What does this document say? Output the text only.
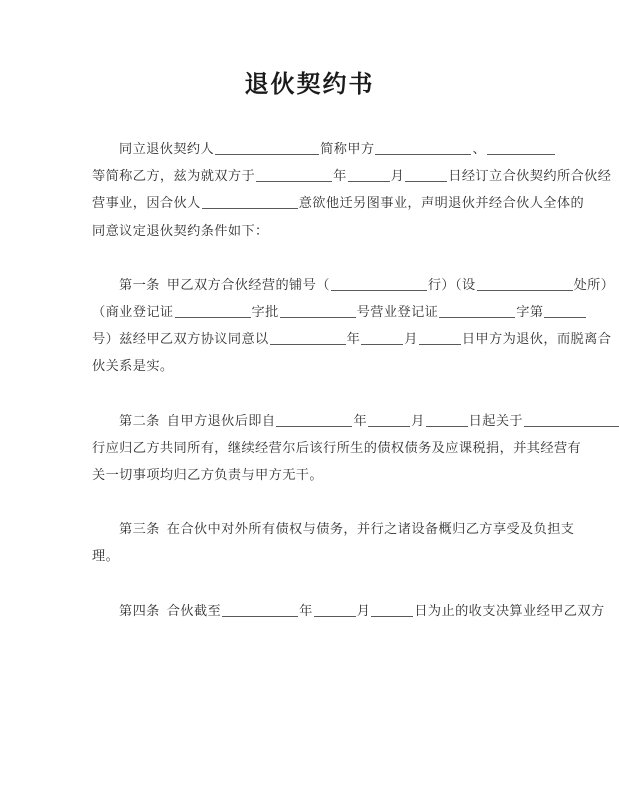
退伙契约书

同立退伙契约人	简称甲方	、
等简称乙方，兹为就双方于	年	月	日经订立合伙契约所合伙经
营事业，因合伙人	意欲他迁另图事业，声明退伙并经合伙人全体的
同意议定退伙契约条件如下：

第一条  甲乙双方合伙经营的铺号（	行）（设	处所）
（商业登记证	字批	号营业登记证	字第
号）兹经甲乙双方协议同意以	年	月	日甲方为退伙，而脱离合
伙关系是实。

第二条  自甲方退伙后即自	年	月	日起关于
行应归乙方共同所有，继续经营尔后该行所生的债权债务及应课税捐，并其经营有
关一切事项均归乙方负责与甲方无干。

第三条  在合伙中对外所有债权与债务，并行之诸设备概归乙方享受及负担支
理。

第四条  合伙截至	年	月	日为止的收支决算业经甲乙双方
